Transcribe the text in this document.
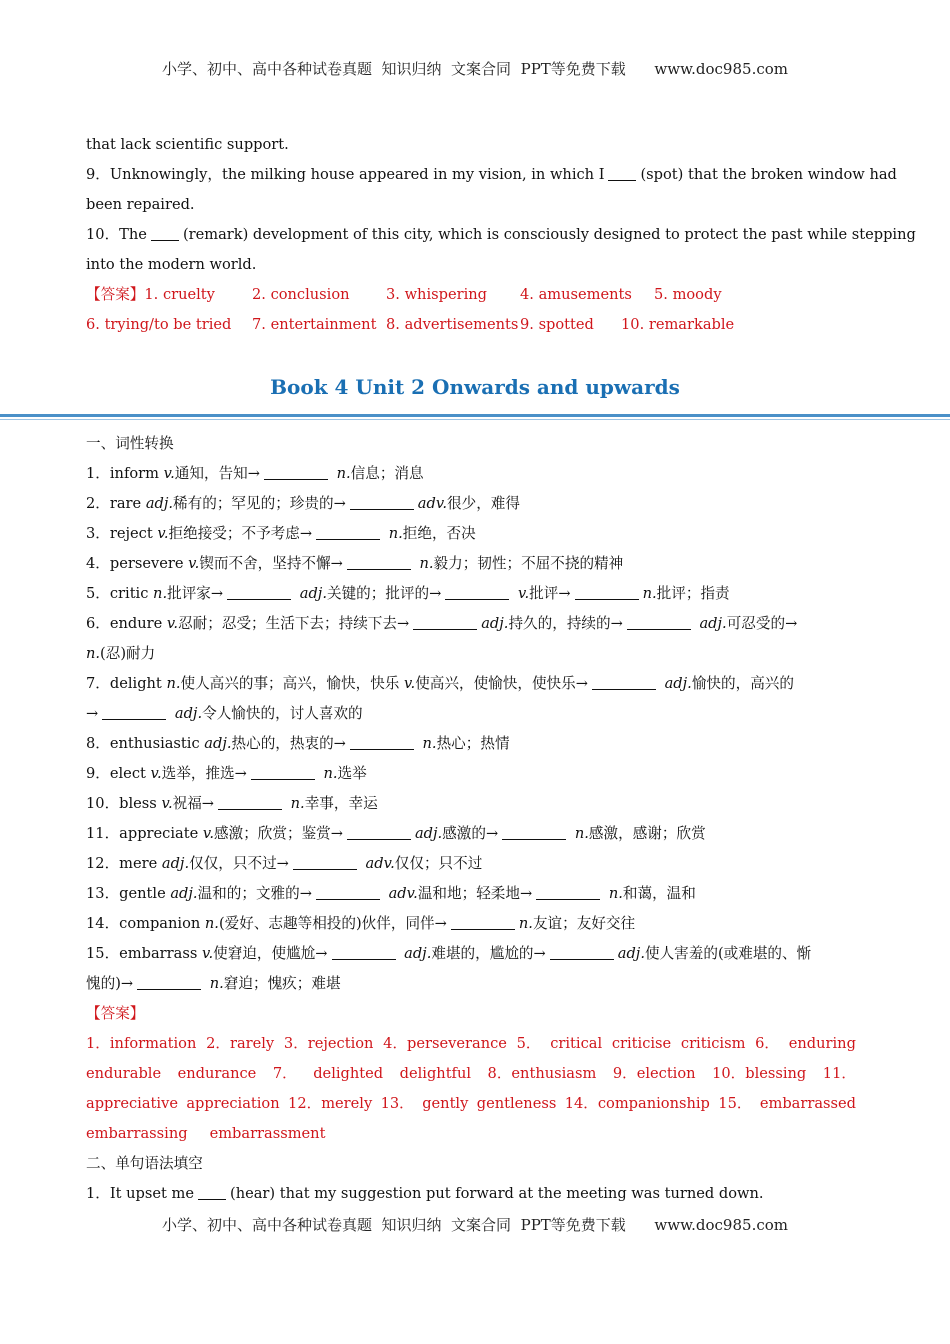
小学、初中、高中各种试卷真题  知识归纳  文案合同  PPT等免费下载      www.doc985.com
that lack scientific support.
9．Unknowingly，the milking house appeared in my vision, in which I (spot) that the broken window had
been repaired.
10．The (remark) development of this city, which is consciously designed to protect the past while stepping
into the modern world.
【答案】1. cruelty	2. conclusion	3. whispering	4. amusements	5. moody
6. trying/to be tried	7. entertainment 8. advertisements 9. spotted	10. remarkable
Book 4 Unit 2 Onwards and upwards
一、词性转换
1．inform v.通知，告知→	n.信息；消息
2．rare adj.稀有的；罕见的；珍贵的→	adv.很少，难得
3．reject v.拒绝接受；不予考虑→	n.拒绝，否决
4．persevere v.锲而不舍，坚持不懈→	n.毅力；韧性；不屈不挠的精神
5．critic n.批评家→	adj.关键的；批评的→	v.批评→	n.批评；指责
6．endure v.忍耐；忍受；生活下去；持续下去→	adj.持久的，持续的→	adj.可忍受的→
n.(忍)耐力
7．delight n.使人高兴的事；高兴，愉快，快乐 v.使高兴，使愉快，使快乐→	adj.愉快的，高兴的
→	adj.令人愉快的，讨人喜欢的
8．enthusiastic adj.热心的，热衷的→	n.热心；热情
9．elect v.选举，推选→	n.选举
10．bless v.祝福→	n.幸事，幸运
11．appreciate v.感激；欣赏；鉴赏→	adj.感激的→	n.感激，感谢；欣赏
12．mere adj.仅仅，只不过→	adv.仅仅；只不过
13．gentle adj.温和的；文雅的→	adv.温和地；轻柔地→	n.和蔼，温和
14．companion n.(爱好、志趣等相投的)伙伴，同伴→	n.友谊；友好交往
15．embarrass v.使窘迫，使尴尬→	adj.难堪的，尴尬的→	adj.使人害羞的(或难堪的、惭
愧的)→	n.窘迫；愧疚；难堪
【答案】
1．information 2．rarely 3．rejection 4．perseverance 5． critical criticise criticism 6． enduring
endurable endurance 7． delighted delightful 8．enthusiasm 9．election 10．blessing 11．
appreciative appreciation 12．merely 13． gently gentleness 14．companionship 15． embarrassed
embarrassing embarrassment
二、单句语法填空
1．It upset me (hear) that my suggestion put forward at the meeting was turned down.
小学、初中、高中各种试卷真题  知识归纳  文案合同  PPT等免费下载      www.doc985.com
